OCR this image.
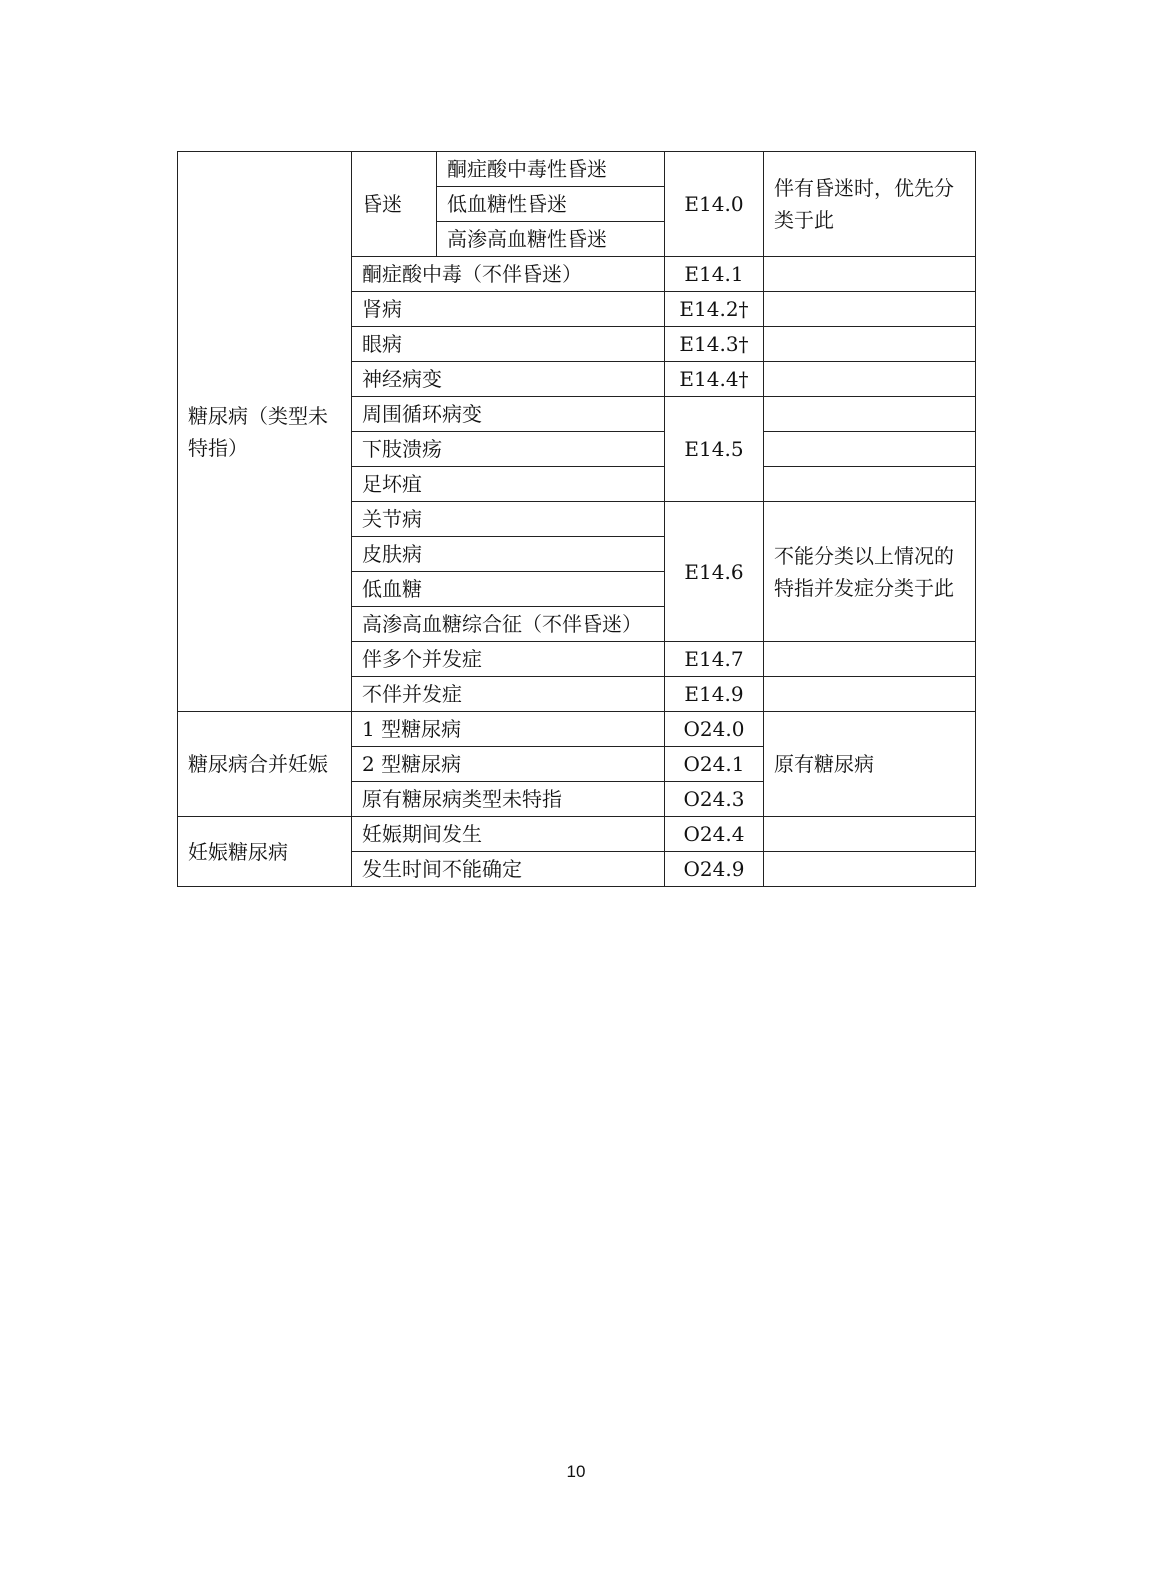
糖尿病（类型未特指）	昏迷	酮症酸中毒性昏迷	E14.0	伴有昏迷时，优先分类于此
		低血糖性昏迷		
		高渗高血糖性昏迷		
	酮症酸中毒（不伴昏迷）		E14.1	
	肾病		E14.2†	
	眼病		E14.3†	
	神经病变		E14.4†	
	周围循环病变		E14.5	
	下肢溃疡			
	足坏疽			
	关节病		E14.6	不能分类以上情况的特指并发症分类于此
	皮肤病			
	低血糖			
	高渗高血糖综合征（不伴昏迷）			
	伴多个并发症		E14.7	
	不伴并发症		E14.9	
糖尿病合并妊娠	1 型糖尿病		O24.0	原有糖尿病
	2 型糖尿病		O24.1	
	原有糖尿病类型未特指		O24.3	
妊娠糖尿病	妊娠期间发生		O24.4	
	发生时间不能确定		O24.9	
10
